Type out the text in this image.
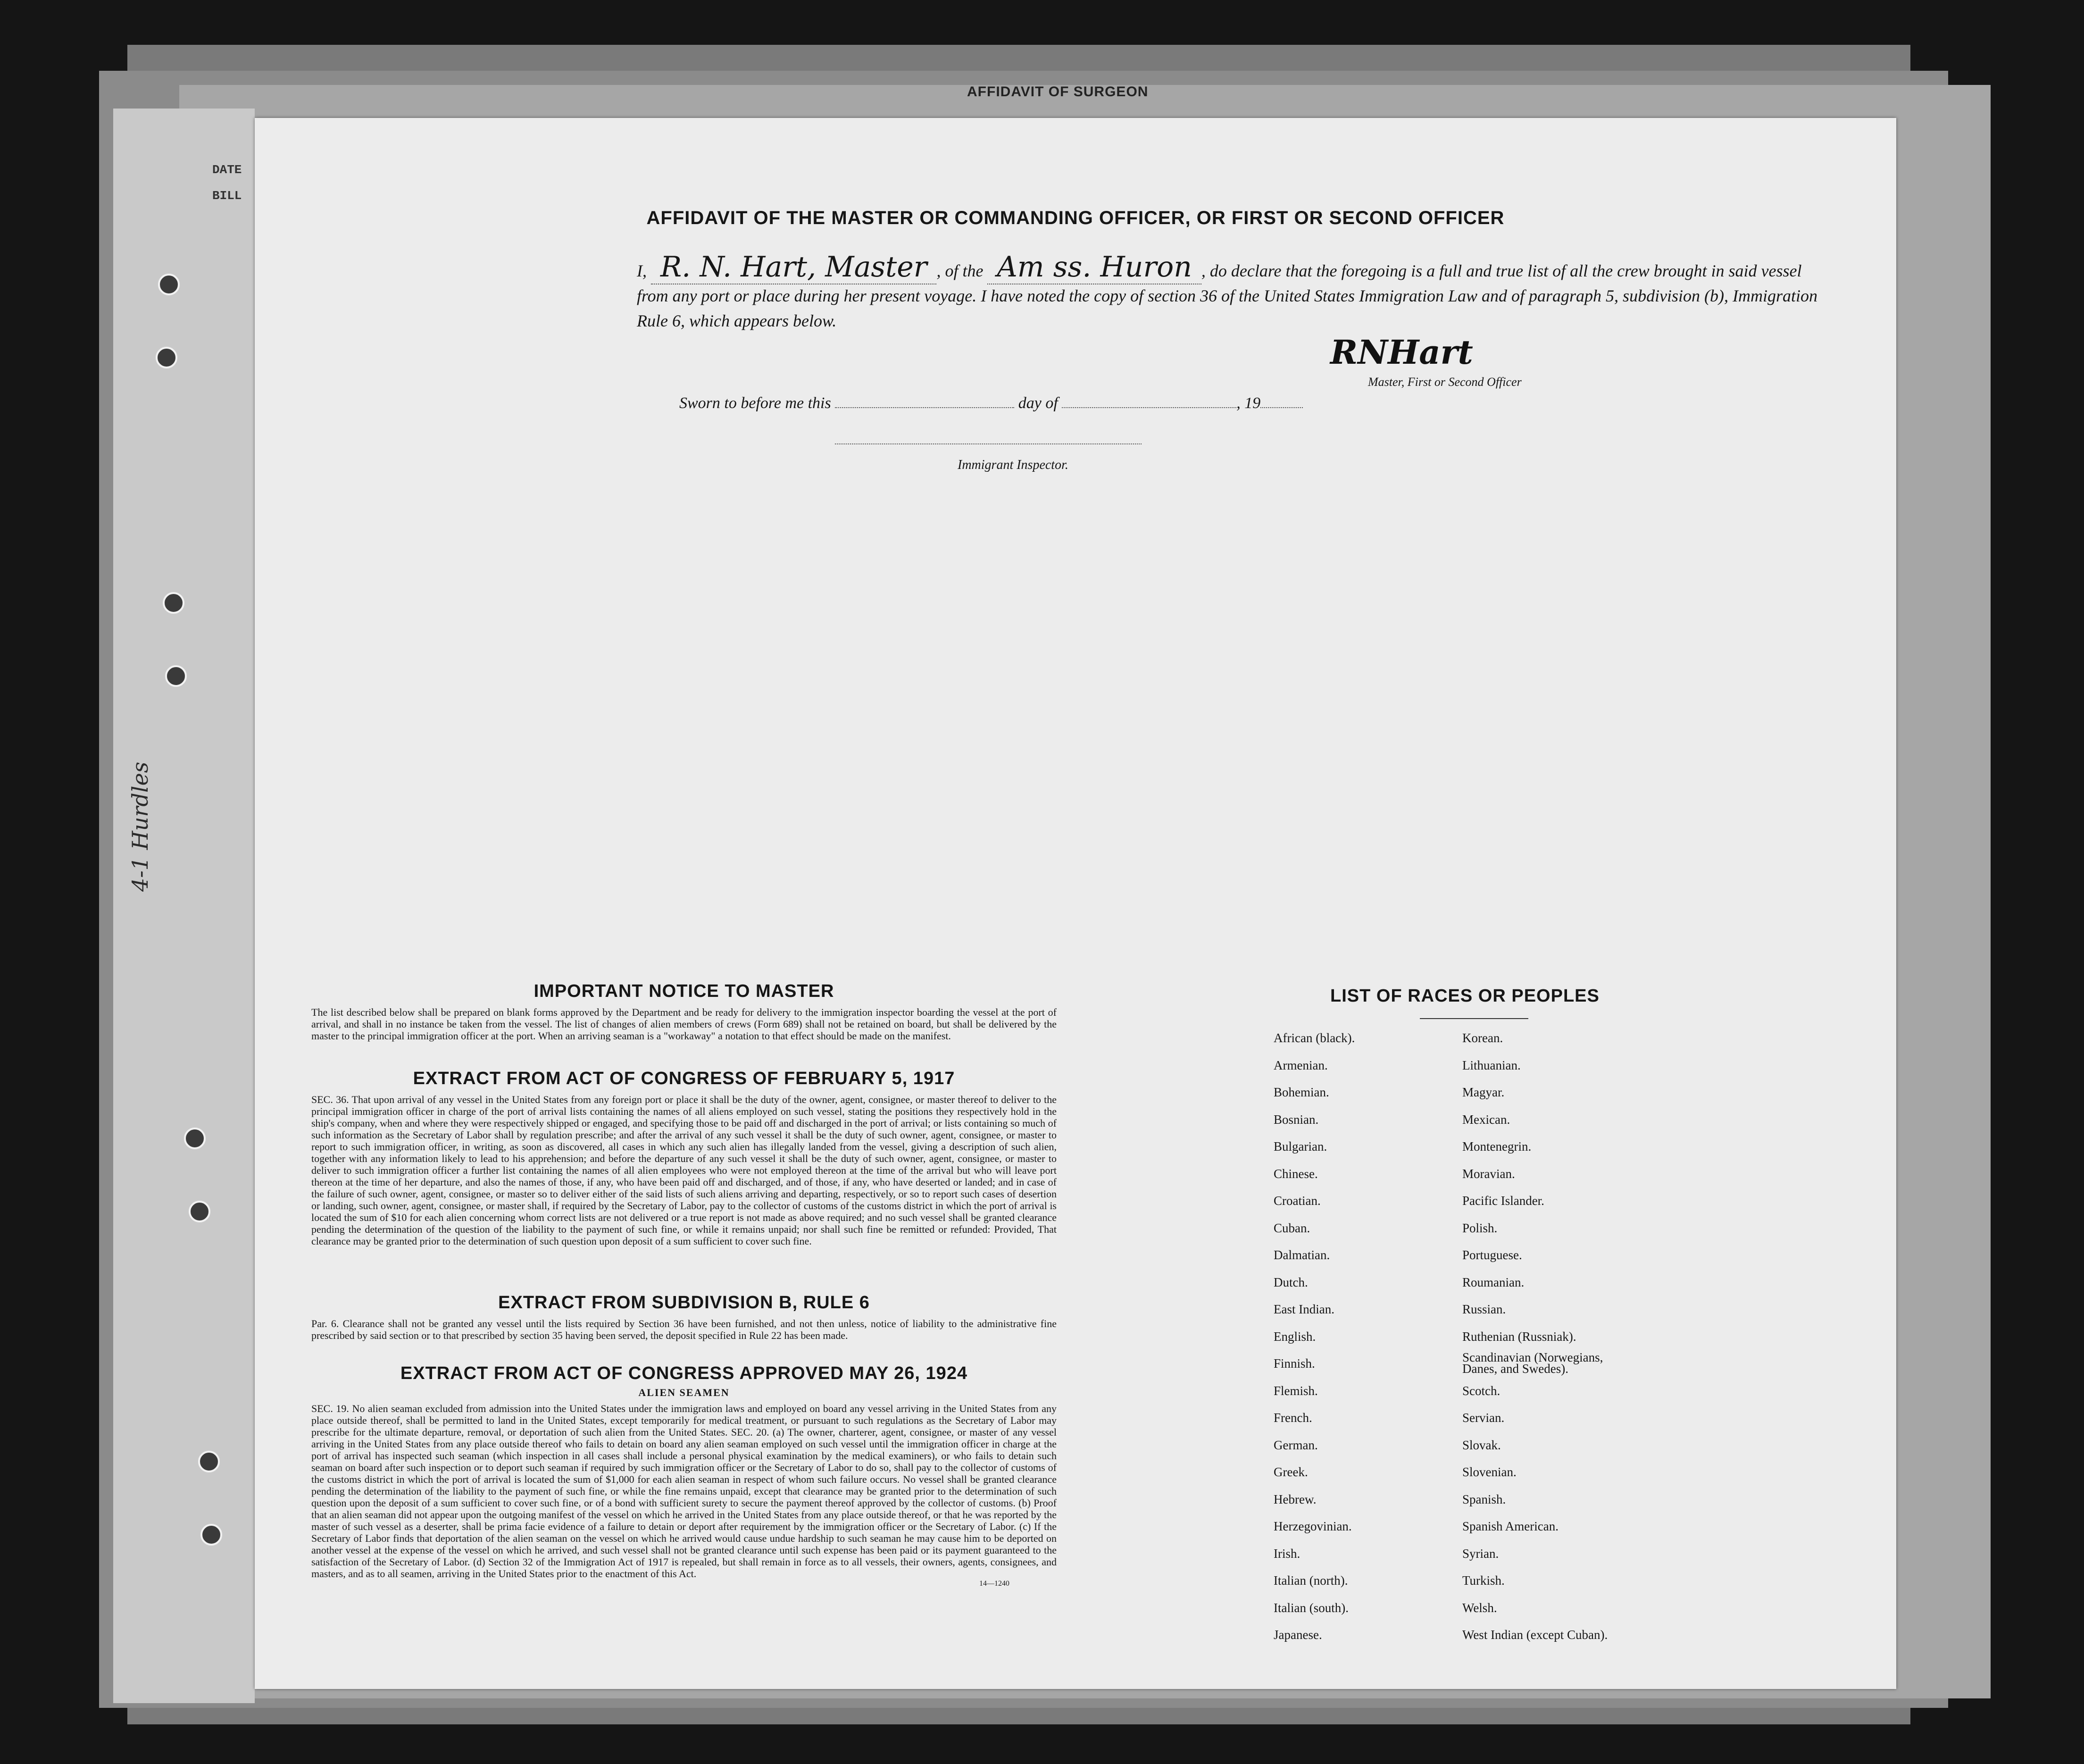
AFFIDAVIT OF SURGEON
DATE
BILL
4-1 Hurdles
AFFIDAVIT OF THE MASTER OR COMMANDING OFFICER, OR FIRST OR SECOND OFFICER
I, R. N. Hart, Master , of the Am ss. Huron , do declare that the foregoing is a full and true list of all the crew brought in said vessel from any port or place during her present voyage. I have noted the copy of section 36 of the United States Immigration Law and of paragraph 5, subdivision (b), Immigration Rule 6, which appears below.
RNHart
Master, First or Second Officer
Sworn to before me this	day of	, 19
Immigrant Inspector.
IMPORTANT NOTICE TO MASTER

The list described below shall be prepared on blank forms approved by the Department and be ready for delivery to the immigration inspector boarding the vessel at the port of arrival, and shall in no instance be taken from the vessel. The list of changes of alien members of crews (Form 689) shall not be retained on board, but shall be delivered by the master to the principal immigration officer at the port. When an arriving seaman is a "workaway" a notation to that effect should be made on the manifest.

EXTRACT FROM ACT OF CONGRESS OF FEBRUARY 5, 1917

SEC. 36. That upon arrival of any vessel in the United States from any foreign port or place it shall be the duty of the owner, agent, consignee, or master thereof to deliver to the principal immigration officer in charge of the port of arrival lists containing the names of all aliens employed on such vessel, stating the positions they respectively hold in the ship's company, when and where they were respectively shipped or engaged, and specifying those to be paid off and discharged in the port of arrival; or lists containing so much of such information as the Secretary of Labor shall by regulation prescribe; and after the arrival of any such vessel it shall be the duty of such owner, agent, consignee, or master to report to such immigration officer, in writing, as soon as discovered, all cases in which any such alien has illegally landed from the vessel, giving a description of such alien, together with any information likely to lead to his apprehension; and before the departure of any such vessel it shall be the duty of such owner, agent, consignee, or master to deliver to such immigration officer a further list containing the names of all alien employees who were not employed thereon at the time of the arrival but who will leave port thereon at the time of her departure, and also the names of those, if any, who have been paid off and discharged, and of those, if any, who have deserted or landed; and in case of the failure of such owner, agent, consignee, or master so to deliver either of the said lists of such aliens arriving and departing, respectively, or so to report such cases of desertion or landing, such owner, agent, consignee, or master shall, if required by the Secretary of Labor, pay to the collector of customs of the customs district in which the port of arrival is located the sum of $10 for each alien concerning whom correct lists are not delivered or a true report is not made as above required; and no such vessel shall be granted clearance pending the determination of the question of the liability to the payment of such fine, or while it remains unpaid; nor shall such fine be remitted or refunded: Provided, That clearance may be granted prior to the determination of such question upon deposit of a sum sufficient to cover such fine.

EXTRACT FROM SUBDIVISION B, RULE 6

Par. 6. Clearance shall not be granted any vessel until the lists required by Section 36 have been furnished, and not then unless, notice of liability to the administrative fine prescribed by said section or to that prescribed by section 35 having been served, the deposit specified in Rule 22 has been made.

EXTRACT FROM ACT OF CONGRESS APPROVED MAY 26, 1924
ALIEN SEAMEN

SEC. 19. No alien seaman excluded from admission into the United States under the immigration laws and employed on board any vessel arriving in the United States from any place outside thereof, shall be permitted to land in the United States, except temporarily for medical treatment, or pursuant to such regulations as the Secretary of Labor may prescribe for the ultimate departure, removal, or deportation of such alien from the United States. SEC. 20. (a) The owner, charterer, agent, consignee, or master of any vessel arriving in the United States from any place outside thereof who fails to detain on board any alien seaman employed on such vessel until the immigration officer in charge at the port of arrival has inspected such seaman (which inspection in all cases shall include a personal physical examination by the medical examiners), or who fails to detain such seaman on board after such inspection or to deport such seaman if required by such immigration officer or the Secretary of Labor to do so, shall pay to the collector of customs of the customs district in which the port of arrival is located the sum of $1,000 for each alien seaman in respect of whom such failure occurs. No vessel shall be granted clearance pending the determination of the liability to the payment of such fine, or while the fine remains unpaid, except that clearance may be granted prior to the determination of such question upon the deposit of a sum sufficient to cover such fine, or of a bond with sufficient surety to secure the payment thereof approved by the collector of customs. (b) Proof that an alien seaman did not appear upon the outgoing manifest of the vessel on which he arrived in the United States from any place outside thereof, or that he was reported by the master of such vessel as a deserter, shall be prima facie evidence of a failure to detain or deport after requirement by the immigration officer or the Secretary of Labor. (c) If the Secretary of Labor finds that deportation of the alien seaman on the vessel on which he arrived would cause undue hardship to such seaman he may cause him to be deported on another vessel at the expense of the vessel on which he arrived, and such vessel shall not be granted clearance until such expense has been paid or its payment guaranteed to the satisfaction of the Secretary of Labor. (d) Section 32 of the Immigration Act of 1917 is repealed, but shall remain in force as to all vessels, their owners, agents, consignees, and masters, and as to all seamen, arriving in the United States prior to the enactment of this Act.

14—1240
LIST OF RACES OR PEOPLES
African (black).
Armenian.
Bohemian.
Bosnian.
Bulgarian.
Chinese.
Croatian.
Cuban.
Dalmatian.
Dutch.
East Indian.
English.
Finnish.
Flemish.
French.
German.
Greek.
Hebrew.
Herzegovinian.
Irish.
Italian (north).
Italian (south).
Japanese.
Korean.
Lithuanian.
Magyar.
Mexican.
Montenegrin.
Moravian.
Pacific Islander.
Polish.
Portuguese.
Roumanian.
Russian.
Ruthenian (Russniak).
Scandinavian (Norwegians, Danes, and Swedes).
Scotch.
Servian.
Slovak.
Slovenian.
Spanish.
Spanish American.
Syrian.
Turkish.
Welsh.
West Indian (except Cuban).
